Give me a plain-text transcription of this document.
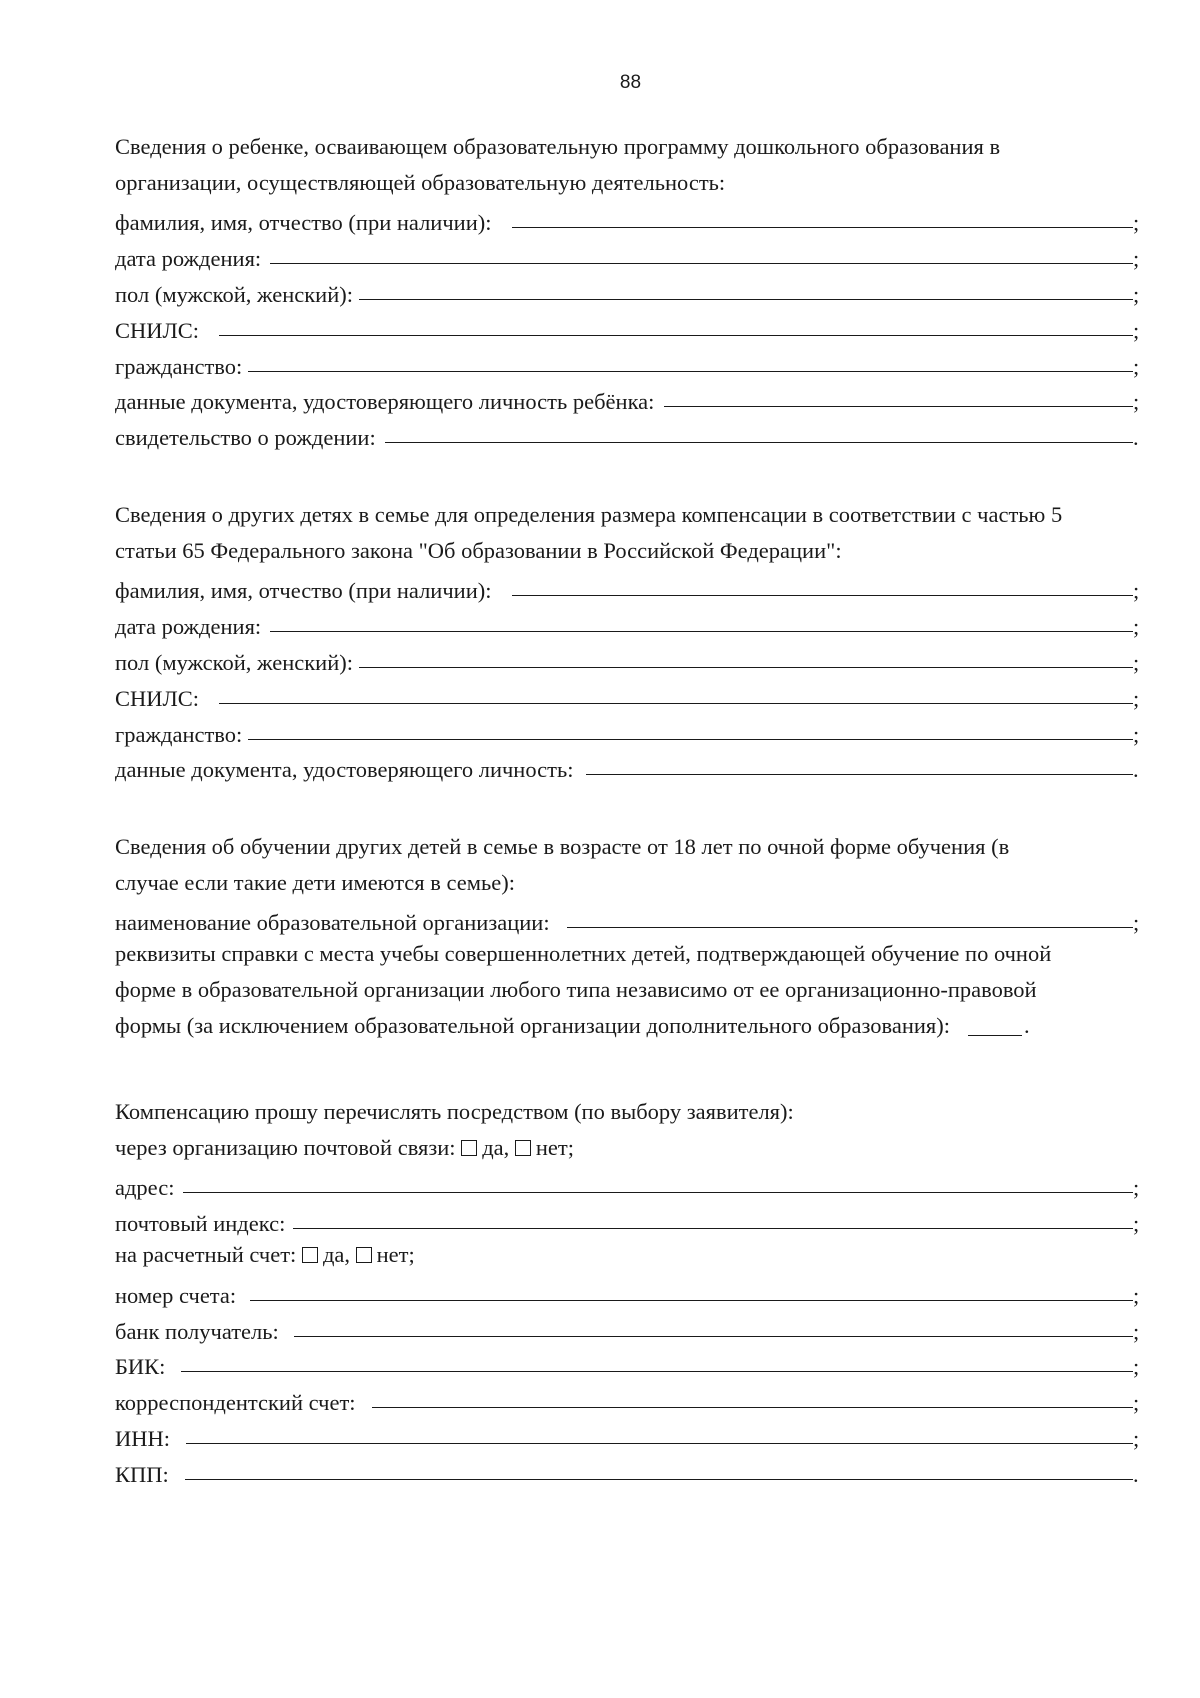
88

Сведения о ребенке, осваивающем образовательную программу дошкольного образования в

организации, осуществляющей образовательную деятельность:

фамилия, имя, отчество (при наличии):	;
дата рождения:	;
пол (мужской, женский):	;
СНИЛС:	;
гражданство:	;
данные документа, удостоверяющего личность ребёнка:	;
свидетельство о рождении:	.

Сведения о других детях в семье для определения размера компенсации в соответствии с частью 5

статьи 65 Федерального закона "Об образовании в Российской Федерации":

фамилия, имя, отчество (при наличии):	;
дата рождения:	;
пол (мужской, женский):	;
СНИЛС:	;
гражданство:	;
данные документа, удостоверяющего личность:	.

Сведения об обучении других детей в семье в возрасте от 18 лет по очной форме обучения (в

случае если такие дети имеются в семье):

наименование образовательной организации:	;

реквизиты справки с места учебы совершеннолетних детей, подтверждающей обучение по очной

форме в образовательной организации любого типа независимо от ее организационно-правовой

формы (за исключением образовательной организации дополнительного образования):	.

Компенсацию прошу перечислять посредством (по выбору заявителя):

через организацию почтовой связи: да, нет;

адрес:	;
почтовый индекс:	;

на расчетный счет: да, нет;

номер счета:	;
банк получатель:	;
БИК:	;
корреспондентский счет:	;
ИНН:	;
КПП:	.
